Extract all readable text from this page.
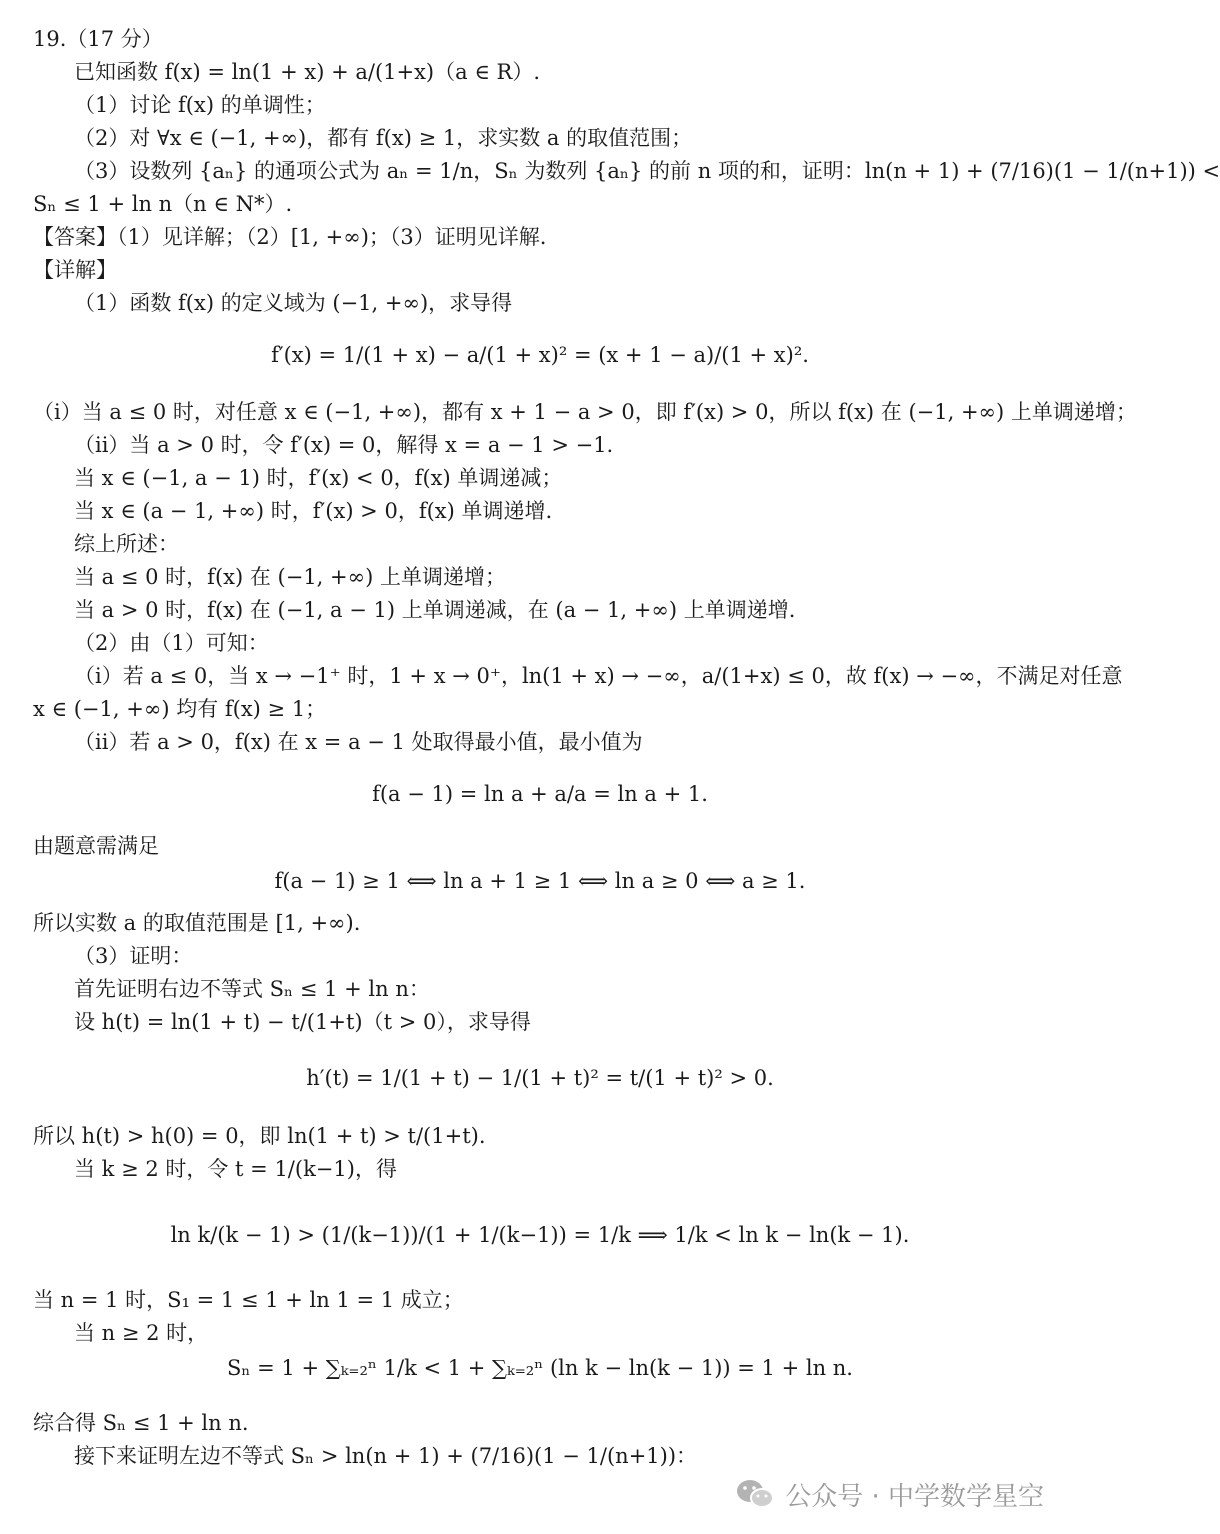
19.（17 分）
已知函数 f(x) = ln(1 + x) + a/(1+x)（a ∈ R）.
（1）讨论 f(x) 的单调性；
（2）对 ∀x ∈ (−1, +∞)，都有 f(x) ≥ 1，求实数 a 的取值范围；
（3）设数列 {aₙ} 的通项公式为 aₙ = 1/n，Sₙ 为数列 {aₙ} 的前 n 项的和，证明：ln(n + 1) + (7/16)(1 − 1/(n+1)) <
Sₙ ≤ 1 + ln n（n ∈ N*）.
【答案】（1）见详解；（2）[1, +∞)；（3）证明见详解.
【详解】
（1）函数 f(x) 的定义域为 (−1, +∞)，求导得
f′(x) = 1/(1 + x) − a/(1 + x)² = (x + 1 − a)/(1 + x)².
（i）当 a ≤ 0 时，对任意 x ∈ (−1, +∞)，都有 x + 1 − a > 0，即 f′(x) > 0，所以 f(x) 在 (−1, +∞) 上单调递增；
（ii）当 a > 0 时，令 f′(x) = 0，解得 x = a − 1 > −1.
当 x ∈ (−1, a − 1) 时，f′(x) < 0，f(x) 单调递减；
当 x ∈ (a − 1, +∞) 时，f′(x) > 0，f(x) 单调递增.
综上所述：
当 a ≤ 0 时，f(x) 在 (−1, +∞) 上单调递增；
当 a > 0 时，f(x) 在 (−1, a − 1) 上单调递减，在 (a − 1, +∞) 上单调递增.
（2）由（1）可知：
（i）若 a ≤ 0，当 x → −1⁺ 时，1 + x → 0⁺，ln(1 + x) → −∞，a/(1+x) ≤ 0，故 f(x) → −∞，不满足对任意
x ∈ (−1, +∞) 均有 f(x) ≥ 1；
（ii）若 a > 0，f(x) 在 x = a − 1 处取得最小值，最小值为
f(a − 1) = ln a + a/a = ln a + 1.
由题意需满足
f(a − 1) ≥ 1 ⟺ ln a + 1 ≥ 1 ⟺ ln a ≥ 0 ⟺ a ≥ 1.
所以实数 a 的取值范围是 [1, +∞).
（3）证明：
首先证明右边不等式 Sₙ ≤ 1 + ln n：
设 h(t) = ln(1 + t) − t/(1+t)（t > 0），求导得
h′(t) = 1/(1 + t) − 1/(1 + t)² = t/(1 + t)² > 0.
所以 h(t) > h(0) = 0，即 ln(1 + t) > t/(1+t).
当 k ≥ 2 时，令 t = 1/(k−1)，得
ln k/(k − 1) > (1/(k−1))/(1 + 1/(k−1)) = 1/k ⟹ 1/k < ln k − ln(k − 1).
当 n = 1 时，S₁ = 1 ≤ 1 + ln 1 = 1 成立；
当 n ≥ 2 时，
Sₙ = 1 + ∑ₖ₌₂ⁿ 1/k < 1 + ∑ₖ₌₂ⁿ (ln k − ln(k − 1)) = 1 + ln n.
综合得 Sₙ ≤ 1 + ln n.
接下来证明左边不等式 Sₙ > ln(n + 1) + (7/16)(1 − 1/(n+1))：
公众号 · 中学数学星空
